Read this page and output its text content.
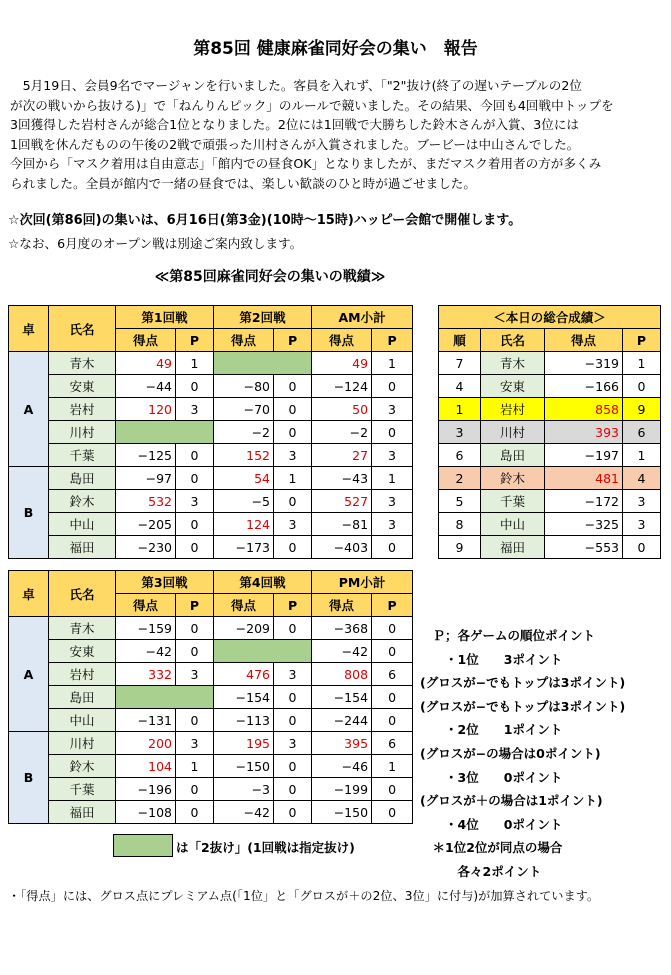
第85回 健康麻雀同好会の集い　報告
　5月19日、会員9名でマージャンを行いました。客員を入れず、「"2"抜け(終了の遅いテーブルの2位
が次の戦いから抜ける)」で「ねんりんピック」のルールで競いました。その結果、今回も4回戦中トップを
3回獲得した岩村さんが総合1位となりました。2位には1回戦で大勝ちした鈴木さんが入賞、3位には
1回戦を休んだものの午後の2戦で頑張った川村さんが入賞されました。ブービーは中山さんでした。
今回から「マスク着用は自由意志」「館内での昼食OK」となりましたが、まだマスク着用者の方が多くみ
られました。全員が館内で一緒の昼食では、楽しい歓談のひと時が過ごせました。
☆次回(第86回)の集いは、6月16日(第3金)(10時〜15時)ハッピー会館で開催します。
☆なお、6月度のオープン戦は別途ご案内致します。
≪第85回麻雀同好会の集いの戦績≫
卓	氏名	第1回戦		第2回戦		AM小計	
		得点	P	得点	P	得点	P
A	青木	49	1			49	1
	安東	−44	0	−80	0	−124	0
	岩村	120	3	−70	0	50	3
	川村			−2	0	−2	0
	千葉	−125	0	152	3	27	3
B	島田	−97	0	54	1	−43	1
	鈴木	532	3	−5	0	527	3
	中山	−205	0	124	3	−81	3
	福田	−230	0	−173	0	−403	0
卓	氏名	第3回戦		第4回戦		PM小計	
		得点	P	得点	P	得点	P
A	青木	−159	0	−209	0	−368	0
	安東	−42	0			−42	0
	岩村	332	3	476	3	808	6
	島田			−154	0	−154	0
	中山	−131	0	−113	0	−244	0
B	川村	200	3	195	3	395	6
	鈴木	104	1	−150	0	−46	1
	千葉	−196	0	−3	0	−199	0
	福田	−108	0	−42	0	−150	0
＜本日の総合成績＞			
順	氏名	得点	P
7	青木	−319	1
4	安東	−166	0
1	岩村	858	9
3	川村	393	6
6	島田	−197	1
2	鈴木	481	4
5	千葉	−172	3
8	中山	−325	3
9	福田	−553	0
　Ｐ；各ゲームの順位ポイント
　　・1位　　3ポイント
(グロスが−でもトップは3ポイント)
(グロスが−でもトップは3ポイント)
　　・2位　　1ポイント
(グロスが−の場合は0ポイント)
　　・3位　　0ポイント
(グロスが＋の場合は1ポイント)
　　・4位　　0ポイント
　＊1位2位が同点の場合
　　　各々2ポイント
は「2抜け」(1回戦は指定抜け)
・「得点」には、グロス点にプレミアム点(「1位」と「グロスが＋の2位、3位」に付与)が加算されています。
